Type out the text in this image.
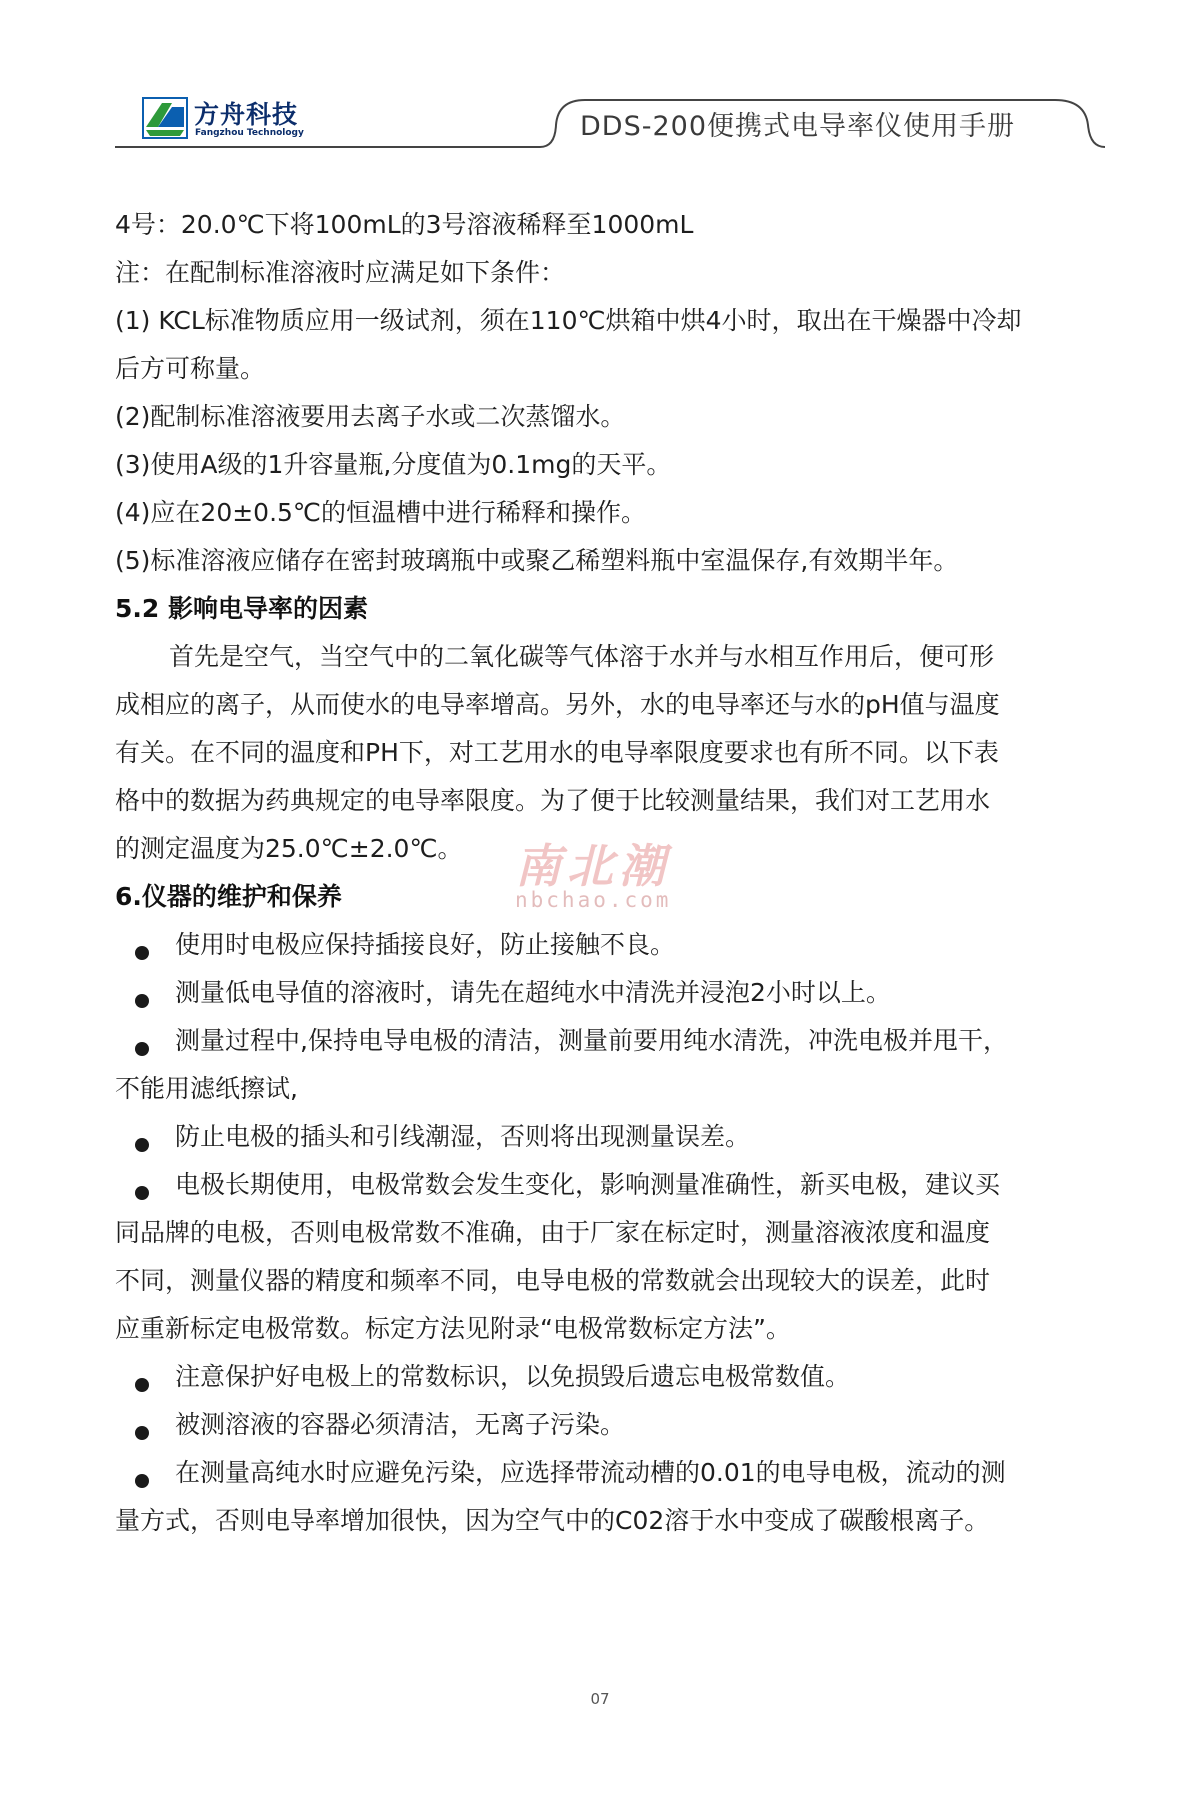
方舟科技
Fangzhou Technology	DDS-200便携式电导率仪使用手册
4号：20.0℃下将100mL的3号溶液稀释至1000mL
注：在配制标准溶液时应满足如下条件：
(1) KCL标准物质应用一级试剂，须在110℃烘箱中烘4小时，取出在干燥器中冷却
后方可称量。
(2)配制标准溶液要用去离子水或二次蒸馏水。
(3)使用A级的1升容量瓶,分度值为0.1mg的天平。
(4)应在20±0.5℃的恒温槽中进行稀释和操作。
(5)标准溶液应储存在密封玻璃瓶中或聚乙稀塑料瓶中室温保存,有效期半年。
5.2 影响电导率的因素
首先是空气，当空气中的二氧化碳等气体溶于水并与水相互作用后，便可形
成相应的离子，从而使水的电导率增高。另外，水的电导率还与水的pH值与温度
有关。在不同的温度和PH下，对工艺用水的电导率限度要求也有所不同。以下表
格中的数据为药典规定的电导率限度。为了便于比较测量结果，我们对工艺用水
的测定温度为25.0℃±2.0℃。
6.仪器的维护和保养
使用时电极应保持插接良好，防止接触不良。
测量低电导值的溶液时，请先在超纯水中清洗并浸泡2小时以上。
测量过程中,保持电导电极的清洁，测量前要用纯水清洗，冲洗电极并甩干，
不能用滤纸擦试,
防止电极的插头和引线潮湿，否则将出现测量误差。
电极长期使用，电极常数会发生变化，影响测量准确性，新买电极，建议买
同品牌的电极，否则电极常数不准确，由于厂家在标定时，测量溶液浓度和温度
不同，测量仪器的精度和频率不同，电导电极的常数就会出现较大的误差，此时
应重新标定电极常数。标定方法见附录“电极常数标定方法”。
注意保护好电极上的常数标识，以免损毁后遗忘电极常数值。
被测溶液的容器必须清洁，无离子污染。
在测量高纯水时应避免污染，应选择带流动槽的0.01的电导电极，流动的测
量方式，否则电导率增加很快，因为空气中的C02溶于水中变成了碳酸根离子。
南北潮
nbchao.com
07
